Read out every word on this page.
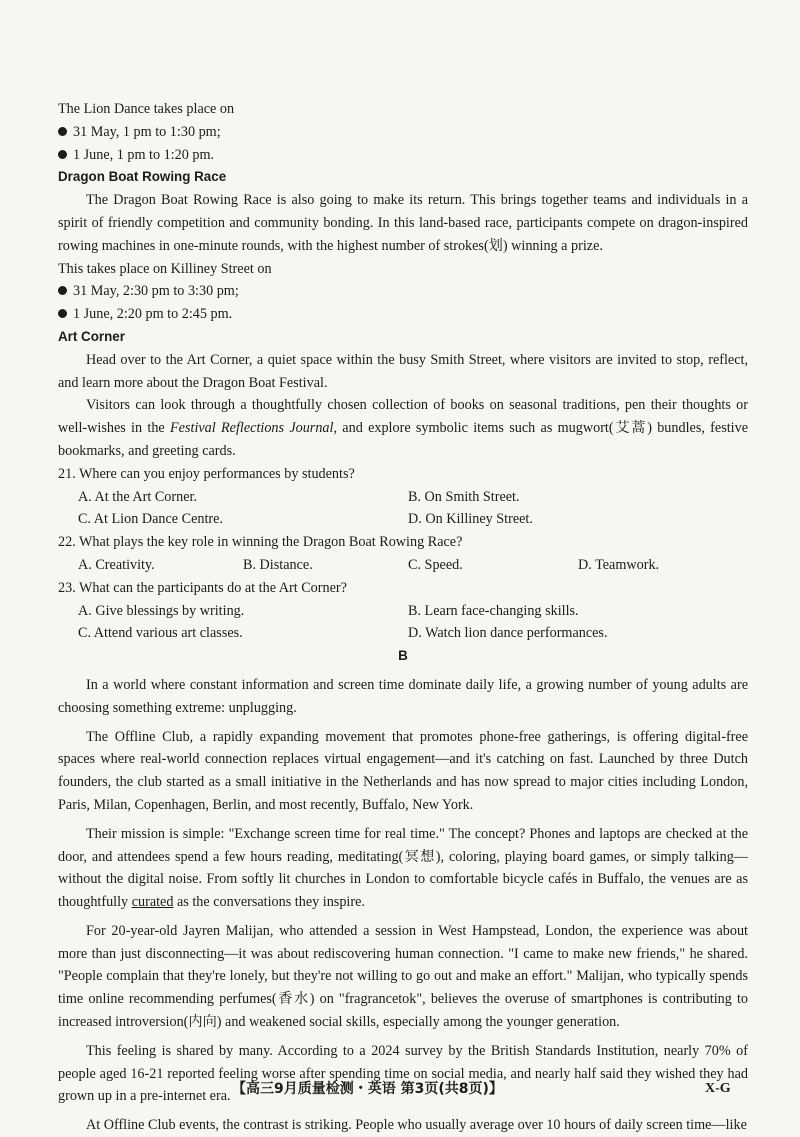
The Lion Dance takes place on

31 May, 1 pm to 1:30 pm;

1 June, 1 pm to 1:20 pm.

Dragon Boat Rowing Race

The Dragon Boat Rowing Race is also going to make its return. This brings together teams and individuals in a spirit of friendly competition and community bonding. In this land-based race, participants compete on dragon-inspired rowing machines in one-minute rounds, with the highest number of strokes(划) winning a prize.

This takes place on Killiney Street on

31 May, 2:30 pm to 3:30 pm;

1 June, 2:20 pm to 2:45 pm.

Art Corner

Head over to the Art Corner, a quiet space within the busy Smith Street, where visitors are invited to stop, reflect, and learn more about the Dragon Boat Festival.

Visitors can look through a thoughtfully chosen collection of books on seasonal traditions, pen their thoughts or well-wishes in the Festival Reflections Journal, and explore symbolic items such as mugwort(艾蒿) bundles, festive bookmarks, and greeting cards.

21. Where can you enjoy performances by students?

A. At the Art Corner.	B. On Smith Street.
C. At Lion Dance Centre.	D. On Killiney Street.

22. What plays the key role in winning the Dragon Boat Rowing Race?

A. Creativity.	B. Distance.	C. Speed.	D. Teamwork.

23. What can the participants do at the Art Corner?

A. Give blessings by writing.	B. Learn face-changing skills.
C. Attend various art classes.	D. Watch lion dance performances.

B

In a world where constant information and screen time dominate daily life, a growing number of young adults are choosing something extreme: unplugging.

The Offline Club, a rapidly expanding movement that promotes phone-free gatherings, is offering digital-free spaces where real-world connection replaces virtual engagement—and it's catching on fast. Launched by three Dutch founders, the club started as a small initiative in the Netherlands and has now spread to major cities including London, Paris, Milan, Copenhagen, Berlin, and most recently, Buffalo, New York.

Their mission is simple: "Exchange screen time for real time." The concept? Phones and laptops are checked at the door, and attendees spend a few hours reading, meditating(冥想), coloring, playing board games, or simply talking—without the digital noise. From softly lit churches in London to comfortable bicycle cafés in Buffalo, the venues are as thoughtfully curated as the conversations they inspire.

For 20-year-old Jayren Malijan, who attended a session in West Hampstead, London, the experience was about more than just disconnecting—it was about rediscovering human connection. "I came to make new friends," he shared. "People complain that they're lonely, but they're not willing to go out and make an effort." Malijan, who typically spends time online recommending perfumes(香水) on "fragrancetok", believes the overuse of smartphones is contributing to increased introversion(内向) and weakened social skills, especially among the younger generation.

This feeling is shared by many. According to a 2024 survey by the British Standards Institution, nearly 70% of people aged 16-21 reported feeling worse after spending time on social media, and nearly half said they wished they had grown up in a pre-internet era.

At Offline Club events, the contrast is striking. People who usually average over 10 hours of daily screen time—like

【高三9月质量检测・英语 第3页(共8页)】	X-G
